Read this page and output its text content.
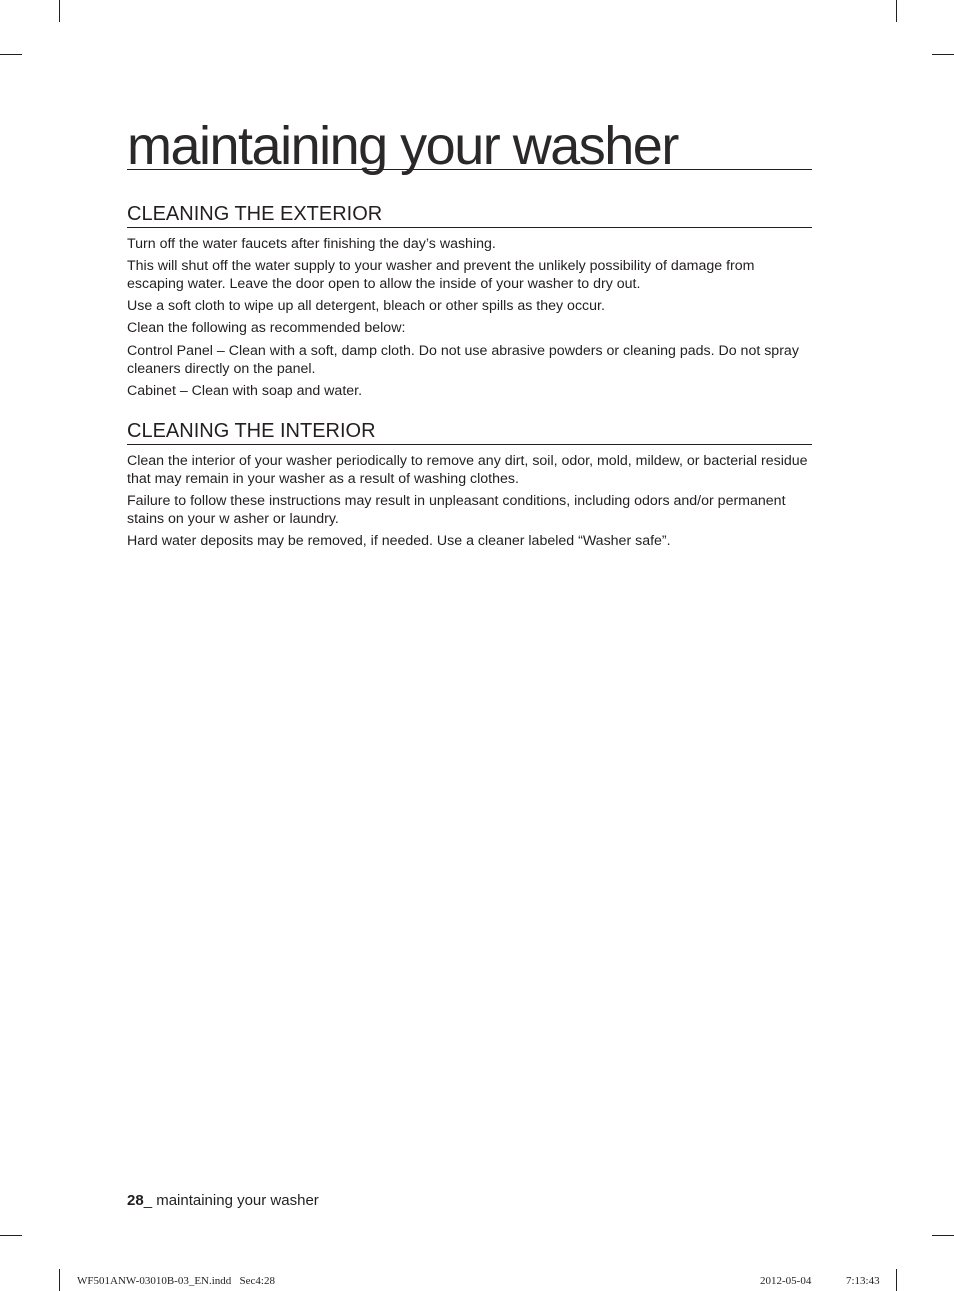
maintaining your washer
CLEANING THE EXTERIOR

Turn off the water faucets after finishing the day’s washing.

This will shut off the water supply to your washer and prevent the unlikely possibility of damage from escaping water. Leave the door open to allow the inside of your washer to dry out.

Use a soft cloth to wipe up all detergent, bleach or other spills as they occur.

Clean the following as recommended below:

Control Panel – Clean with a soft, damp cloth. Do not use abrasive powders or cleaning pads. Do not spray cleaners directly on the panel.

Cabinet – Clean with soap and water.

CLEANING THE INTERIOR

Clean the interior of your washer periodically to remove any dirt, soil, odor, mold, mildew, or bacterial residue that may remain in your washer as a result of washing clothes.

Failure to follow these instructions may result in unpleasant conditions, including odors and/or permanent stains on your w asher or laundry.

Hard water deposits may be removed, if needed. Use a cleaner labeled “Washer safe”.

28_ maintaining your washer
WF501ANW-03010B-03_EN.indd   Sec4:28	2012-05-04	7:13:43
